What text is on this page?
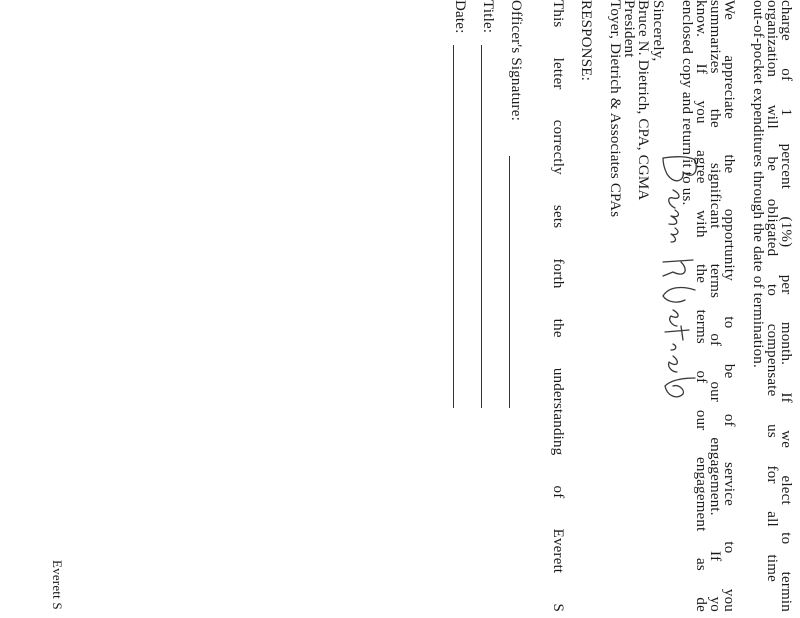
charge of 1 percent (1%) per month. If we elect to termin
organization will be obligated to compensate us for all time
out-of-pocket expenditures through the date of termination.
We appreciate the opportunity to be of service to you
summarizes the significant terms of our engagement. If yo
know. If you agree with the terms of our engagement as de
enclosed copy and return it to us.
Sincerely,
Bruce N. Dietrich, CPA, CGMA
President
Toyer, Dietrich & Associates CPAs
RESPONSE:
This letter correctly sets forth the understanding of Everett S
Officer's Signature:
Title:
Date:
Everett S
